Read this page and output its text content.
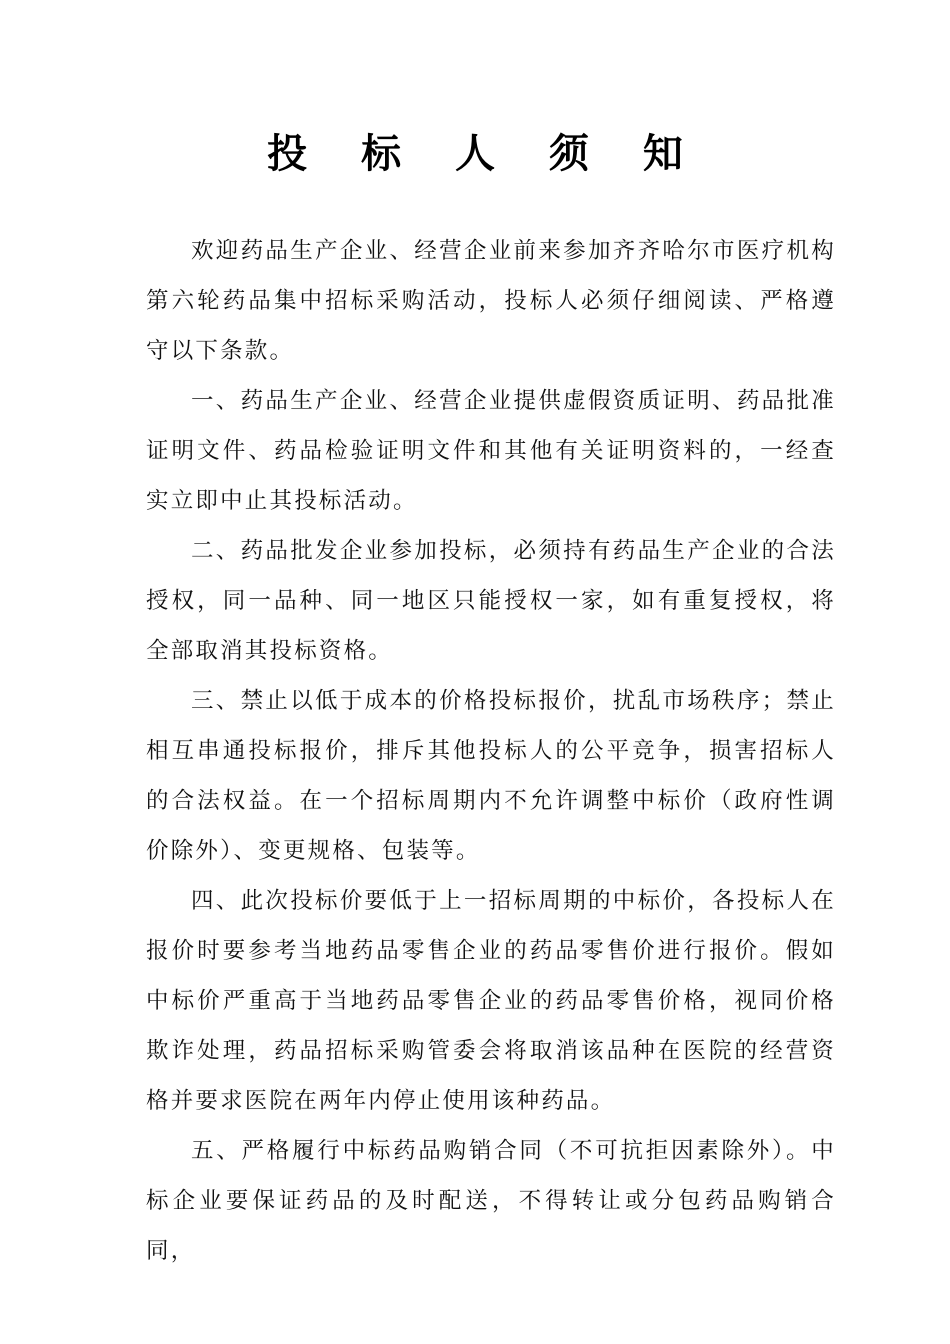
投 标 人 须 知

欢迎药品生产企业、经营企业前来参加齐齐哈尔市医疗机构第六轮药品集中招标采购活动，投标人必须仔细阅读、严格遵守以下条款。

一、药品生产企业、经营企业提供虚假资质证明、药品批准证明文件、药品检验证明文件和其他有关证明资料的，一经查实立即中止其投标活动。

二、药品批发企业参加投标，必须持有药品生产企业的合法授权，同一品种、同一地区只能授权一家，如有重复授权，将全部取消其投标资格。

三、禁止以低于成本的价格投标报价，扰乱市场秩序；禁止相互串通投标报价，排斥其他投标人的公平竞争，损害招标人的合法权益。在一个招标周期内不允许调整中标价（政府性调价除外）、变更规格、包装等。

四、此次投标价要低于上一招标周期的中标价，各投标人在报价时要参考当地药品零售企业的药品零售价进行报价。假如中标价严重高于当地药品零售企业的药品零售价格，视同价格欺诈处理，药品招标采购管委会将取消该品种在医院的经营资格并要求医院在两年内停止使用该种药品。

五、严格履行中标药品购销合同（不可抗拒因素除外）。中标企业要保证药品的及时配送，不得转让或分包药品购销合同，
